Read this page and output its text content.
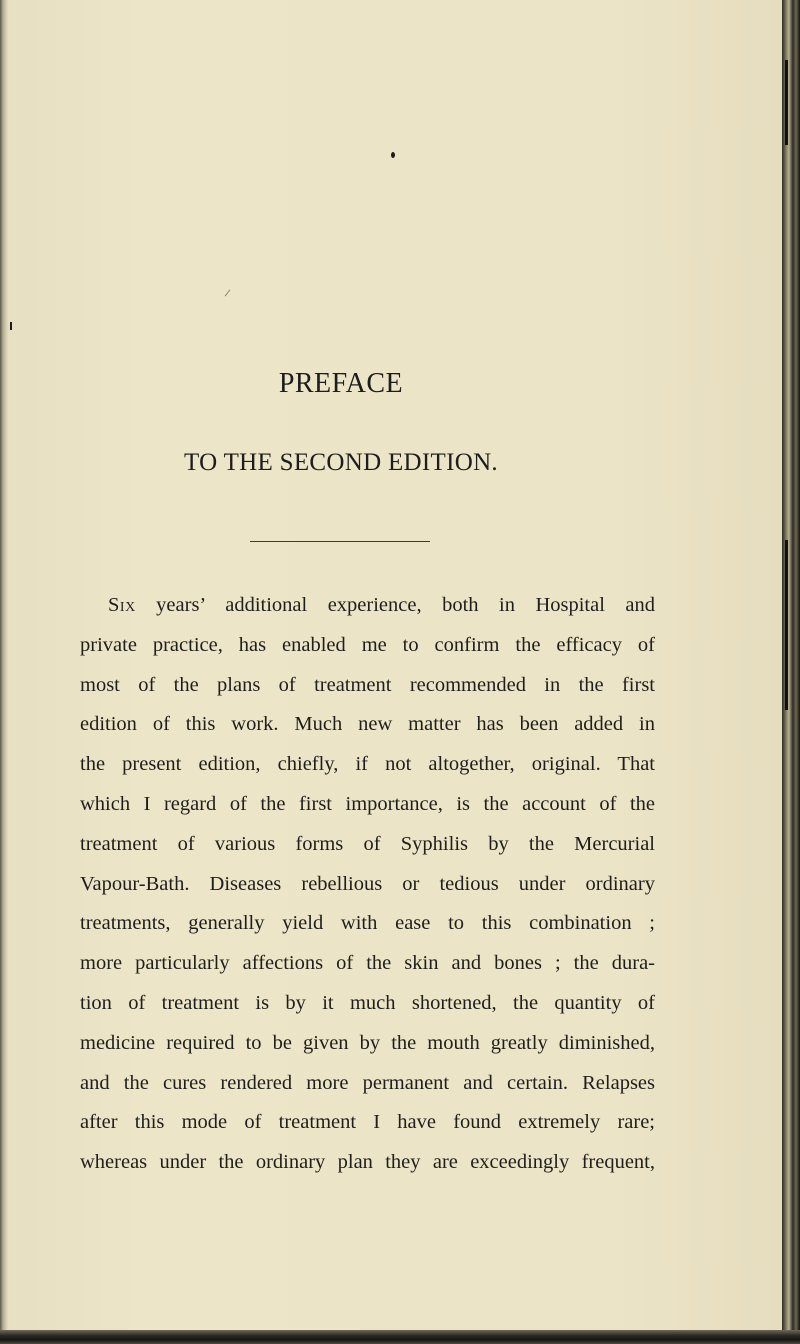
PREFACE
TO THE SECOND EDITION.

Six years’ additional experience, both in Hospital and
private practice, has enabled me to confirm the efficacy of
most of the plans of treatment recommended in the first
edition of this work. Much new matter has been added in
the present edition, chiefly, if not altogether, original. That
which I regard of the first importance, is the account of the
treatment of various forms of Syphilis by the Mercurial
Vapour-Bath. Diseases rebellious or tedious under ordinary
treatments, generally yield with ease to this combination ;
more particularly affections of the skin and bones ; the dura-
tion of treatment is by it much shortened, the quantity of
medicine required to be given by the mouth greatly diminished,
and the cures rendered more permanent and certain. Relapses
after this mode of treatment I have found extremely rare;
whereas under the ordinary plan they are exceedingly frequent,
